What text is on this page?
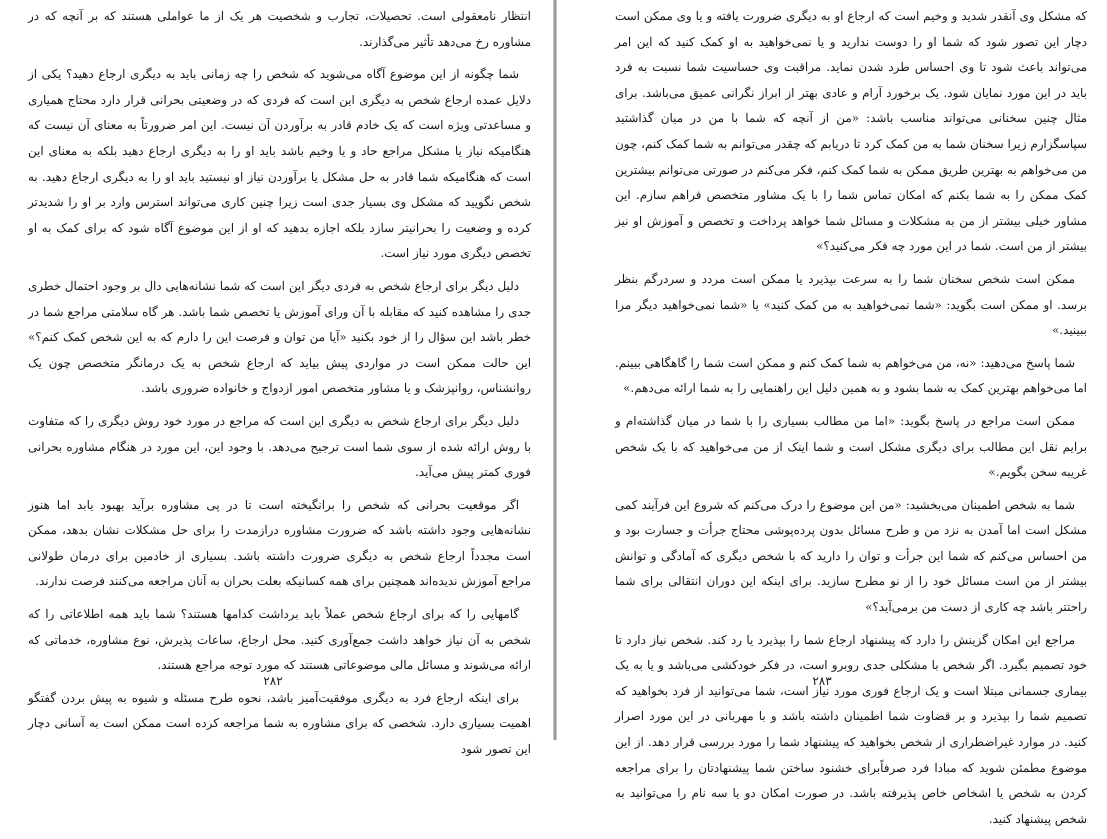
انتظار نامعقولی است. تحصیلات، تجارب و شخصیت هر یک از ما عواملی هستند که بر آنچه که در مشاوره رخ می‌دهد تأثیر می‌گذارند.

شما چگونه از این موضوع آگاه می‌شوید که شخص را چه زمانی باید به دیگری ارجاع دهید؟ یکی از دلایل عمده ارجاع شخص به دیگری این است که فردی که در وضعیتی بحرانی قرار دارد محتاج همیاری و مساعدتی ویژه است که یک خادم قادر به برآوردن آن نیست. این امر ضرورتاً به معنای آن نیست که هنگامیکه نیاز یا مشکل مراجع حاد و یا وخیم باشد باید او را به دیگری ارجاع دهید بلکه به معنای این است که هنگامیکه شما قادر به حل مشکل یا برآوردن نیاز او نیستید باید او را به دیگری ارجاع دهید. به شخص نگویید که مشکل وی بسیار جدی است زیرا چنین کاری می‌تواند استرس وارد بر او را شدیدتر کرده و وضعیت را بحرانیتر سازد بلکه اجازه بدهید که او از این موضوع آگاه شود که برای کمک به او تخصص دیگری مورد نیاز است.

دلیل دیگر برای ارجاع شخص به فردی دیگر این است که شما نشانه‌هایی دال بر وجود احتمال خطری جدی را مشاهده کنید که مقابله با آن ورای آموزش یا تخصص شما باشد. هر گاه سلامتی مراجع شما در خطر باشد این سؤال را از خود بکنید «آیا من توان و فرصت این را دارم که به این شخص کمک کنم؟» این حالت ممکن است در مواردی پیش بیاید که ارجاع شخص به یک درمانگر متخصص چون یک روانشناس، روانپزشک و یا مشاور متخصص امور ازدواج و خانواده ضروری باشد.

دلیل دیگر برای ارجاع شخص به دیگری این است که مراجع در مورد خود روش دیگری را که متفاوت با روش ارائه شده از سوی شما است ترجیح می‌دهد. با وجود این، این مورد در هنگام مشاوره بحرانی فوری کمتر پیش می‌آید.

اگر موقعیت بحرانی که شخص را برانگیخته است تا در پی مشاوره برآید بهبود یابد اما هنوز نشانه‌هایی وجود داشته باشد که ضرورت مشاوره درازمدت را برای حل مشکلات نشان بدهد، ممکن است مجدداً ارجاع شخص به دیگری ضرورت داشته باشد. بسیاری از خادمین برای درمان طولانی مراجع آموزش ندیده‌اند همچنین برای همه کسانیکه بعلت بحران به آنان مراجعه می‌کنند فرصت ندارند.

گامهایی را که برای ارجاع شخص عملاً باید برداشت کدامها هستند؟ شما باید همه اطلاعاتی را که شخص به آن نیاز خواهد داشت جمع‌آوری کنید. محل ارجاع، ساعات پذیرش، نوع مشاوره، خدماتی که ارائه می‌شوند و مسائل مالی موضوعاتی هستند که مورد توجه مراجع هستند.

برای اینکه ارجاع فرد به دیگری موفقیت‌آمیز باشد، نحوه طرح مسئله و شیوه به پیش بردن گفتگو اهمیت بسیاری دارد. شخصی که برای مشاوره به شما مراجعه کرده است ممکن است به آسانی دچار این تصور شود

۲۸۲

که مشکل وی آنقدر شدید و وخیم است که ارجاع او به دیگری ضرورت یافته و یا وی ممکن است دچار این تصور شود که شما او را دوست ندارید و یا نمی‌خواهید به او کمک کنید که این امر می‌تواند باعث شود تا وی احساس طرد شدن نماید. مراقبت وی حساسیت شما نسبت به فرد باید در این مورد نمایان شود. یک برخورد آرام و عادی بهتر از ابراز نگرانی عمیق می‌باشد. برای مثال چنین سخنانی می‌تواند مناسب باشد: «من از آنچه که شما با من در میان گذاشتید سپاسگزارم زیرا سخنان شما به من کمک کرد تا دریابم که چقدر می‌توانم به شما کمک کنم، چون من می‌خواهم به بهترین طریق ممکن به شما کمک کنم، فکر می‌کنم در صورتی می‌توانم بیشترین کمک ممکن را به شما بکنم که امکان تماس شما را با یک مشاور متخصص فراهم سازم. این مشاور خیلی بیشتر از من به مشکلات و مسائل شما خواهد پرداخت و تخصص و آموزش او نیز بیشتر از من است. شما در این مورد چه فکر می‌کنید؟»

ممکن است شخص سخنان شما را به سرعت بپذیرد یا ممکن است مردد و سردرگم بنظر برسد. او ممکن است بگوید: «شما نمی‌خواهید به من کمک کنید» یا «شما نمی‌خواهید دیگر مرا ببینید.»

شما پاسخ می‌دهید: «نه، من می‌خواهم به شما کمک کنم و ممکن است شما را گاهگاهی ببینم. اما می‌خواهم بهترین کمک به شما بشود و به همین دلیل این راهنمایی را به شما ارائه می‌دهم.»

ممکن است مراجع در پاسخ بگوید: «اما من مطالب بسیاری را با شما در میان گذاشته‌ام و برایم نقل این مطالب برای دیگری مشکل است و شما اینک از من می‌خواهید که با یک شخص غریبه سخن بگویم.»

شما به شخص اطمینان می‌بخشید: «من این موضوع را درک می‌کنم که شروع این فرآیند کمی مشکل است اما آمدن به نزد من و طرح مسائل بدون پرده‌پوشی محتاج جرأت و جسارت بود و من احساس می‌کنم که شما این جرأت و توان را دارید که با شخص دیگری که آمادگی و توانش بیشتر از من است مسائل خود را از نو مطرح سازید. برای اینکه این دوران انتقالی برای شما راحتتر باشد چه کاری از دست من برمی‌آید؟»

مراجع این امکان گزینش را دارد که پیشنهاد ارجاع شما را بپذیرد یا رد کند. شخص نیاز دارد تا خود تصمیم بگیرد. اگر شخص با مشکلی جدی روبرو است، در فکر خودکشی می‌باشد و یا به یک بیماری جسمانی مبتلا است و یک ارجاع فوری مورد نیاز است، شما می‌توانید از فرد بخواهید که تصمیم شما را بپذیرد و بر قضاوت شما اطمینان داشته باشد و با مهربانی در این مورد اصرار کنید. در موارد غیراضطراری از شخص بخواهید که پیشنهاد شما را مورد بررسی قرار دهد. از این موضوع مطمئن شوید که مبادا فرد صرفاًبرای خشنود ساختن شما پیشنهادتان را برای مراجعه کردن به شخص یا اشخاص خاص پذیرفته باشد. در صورت امکان دو یا سه نام را می‌توانید به شخص پیشنهاد کنید.

۲۸۳
